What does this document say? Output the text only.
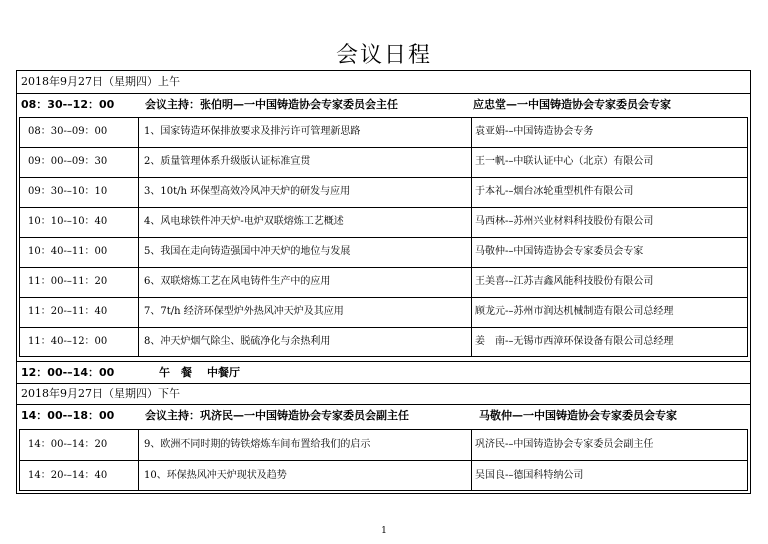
会议日程
2018年9月27日（星期四）上午
08：30-–12：00	会议主持：张伯明—一中国铸造协会专家委员会主任	应忠堂—一中国铸造协会专家委员会专家
08：30-–09：00	1、国家铸造环保排放要求及排污许可管理新思路	袁亚娟-–中国铸造协会专务
09：00-–09：30	2、质量管理体系升级版认证标准宣贯	王一帆-–中联认证中心（北京）有限公司
09：30-–10：10	3、10t/h 环保型高效冷风冲天炉的研发与应用	于本礼-–烟台冰轮重型机件有限公司
10：10-–10：40	4、风电球铁件冲天炉-电炉双联熔炼工艺概述	马西林-–苏州兴业材料科技股份有限公司
10：40-–11：00	5、我国在走向铸造强国中冲天炉的地位与发展	马敬仲-–中国铸造协会专家委员会专家
11：00-–11：20	6、双联熔炼工艺在风电铸件生产中的应用	王美喜-–江苏吉鑫风能科技股份有限公司
11：20-–11：40	7、7t/h 经济环保型炉外热风冲天炉及其应用	顾龙元-–苏州市润达机械制造有限公司总经理
11：40-–12：00	8、冲天炉烟气除尘、脱硫净化与余热利用	姜　南-–无锡市西漳环保设备有限公司总经理
12：00-–14：00	午　餐 中餐厅
2018年9月27日（星期四）下午
14：00-–18：00	会议主持：巩济民—一中国铸造协会专家委员会副主任	马敬仲—一中国铸造协会专家委员会专家
14：00-–14：20	9、欧洲不同时期的铸铁熔炼车间布置给我们的启示	巩济民-–中国铸造协会专家委员会副主任
14：20-–14：40	10、环保热风冲天炉现状及趋势	吴国良-–德国科特纳公司
1
